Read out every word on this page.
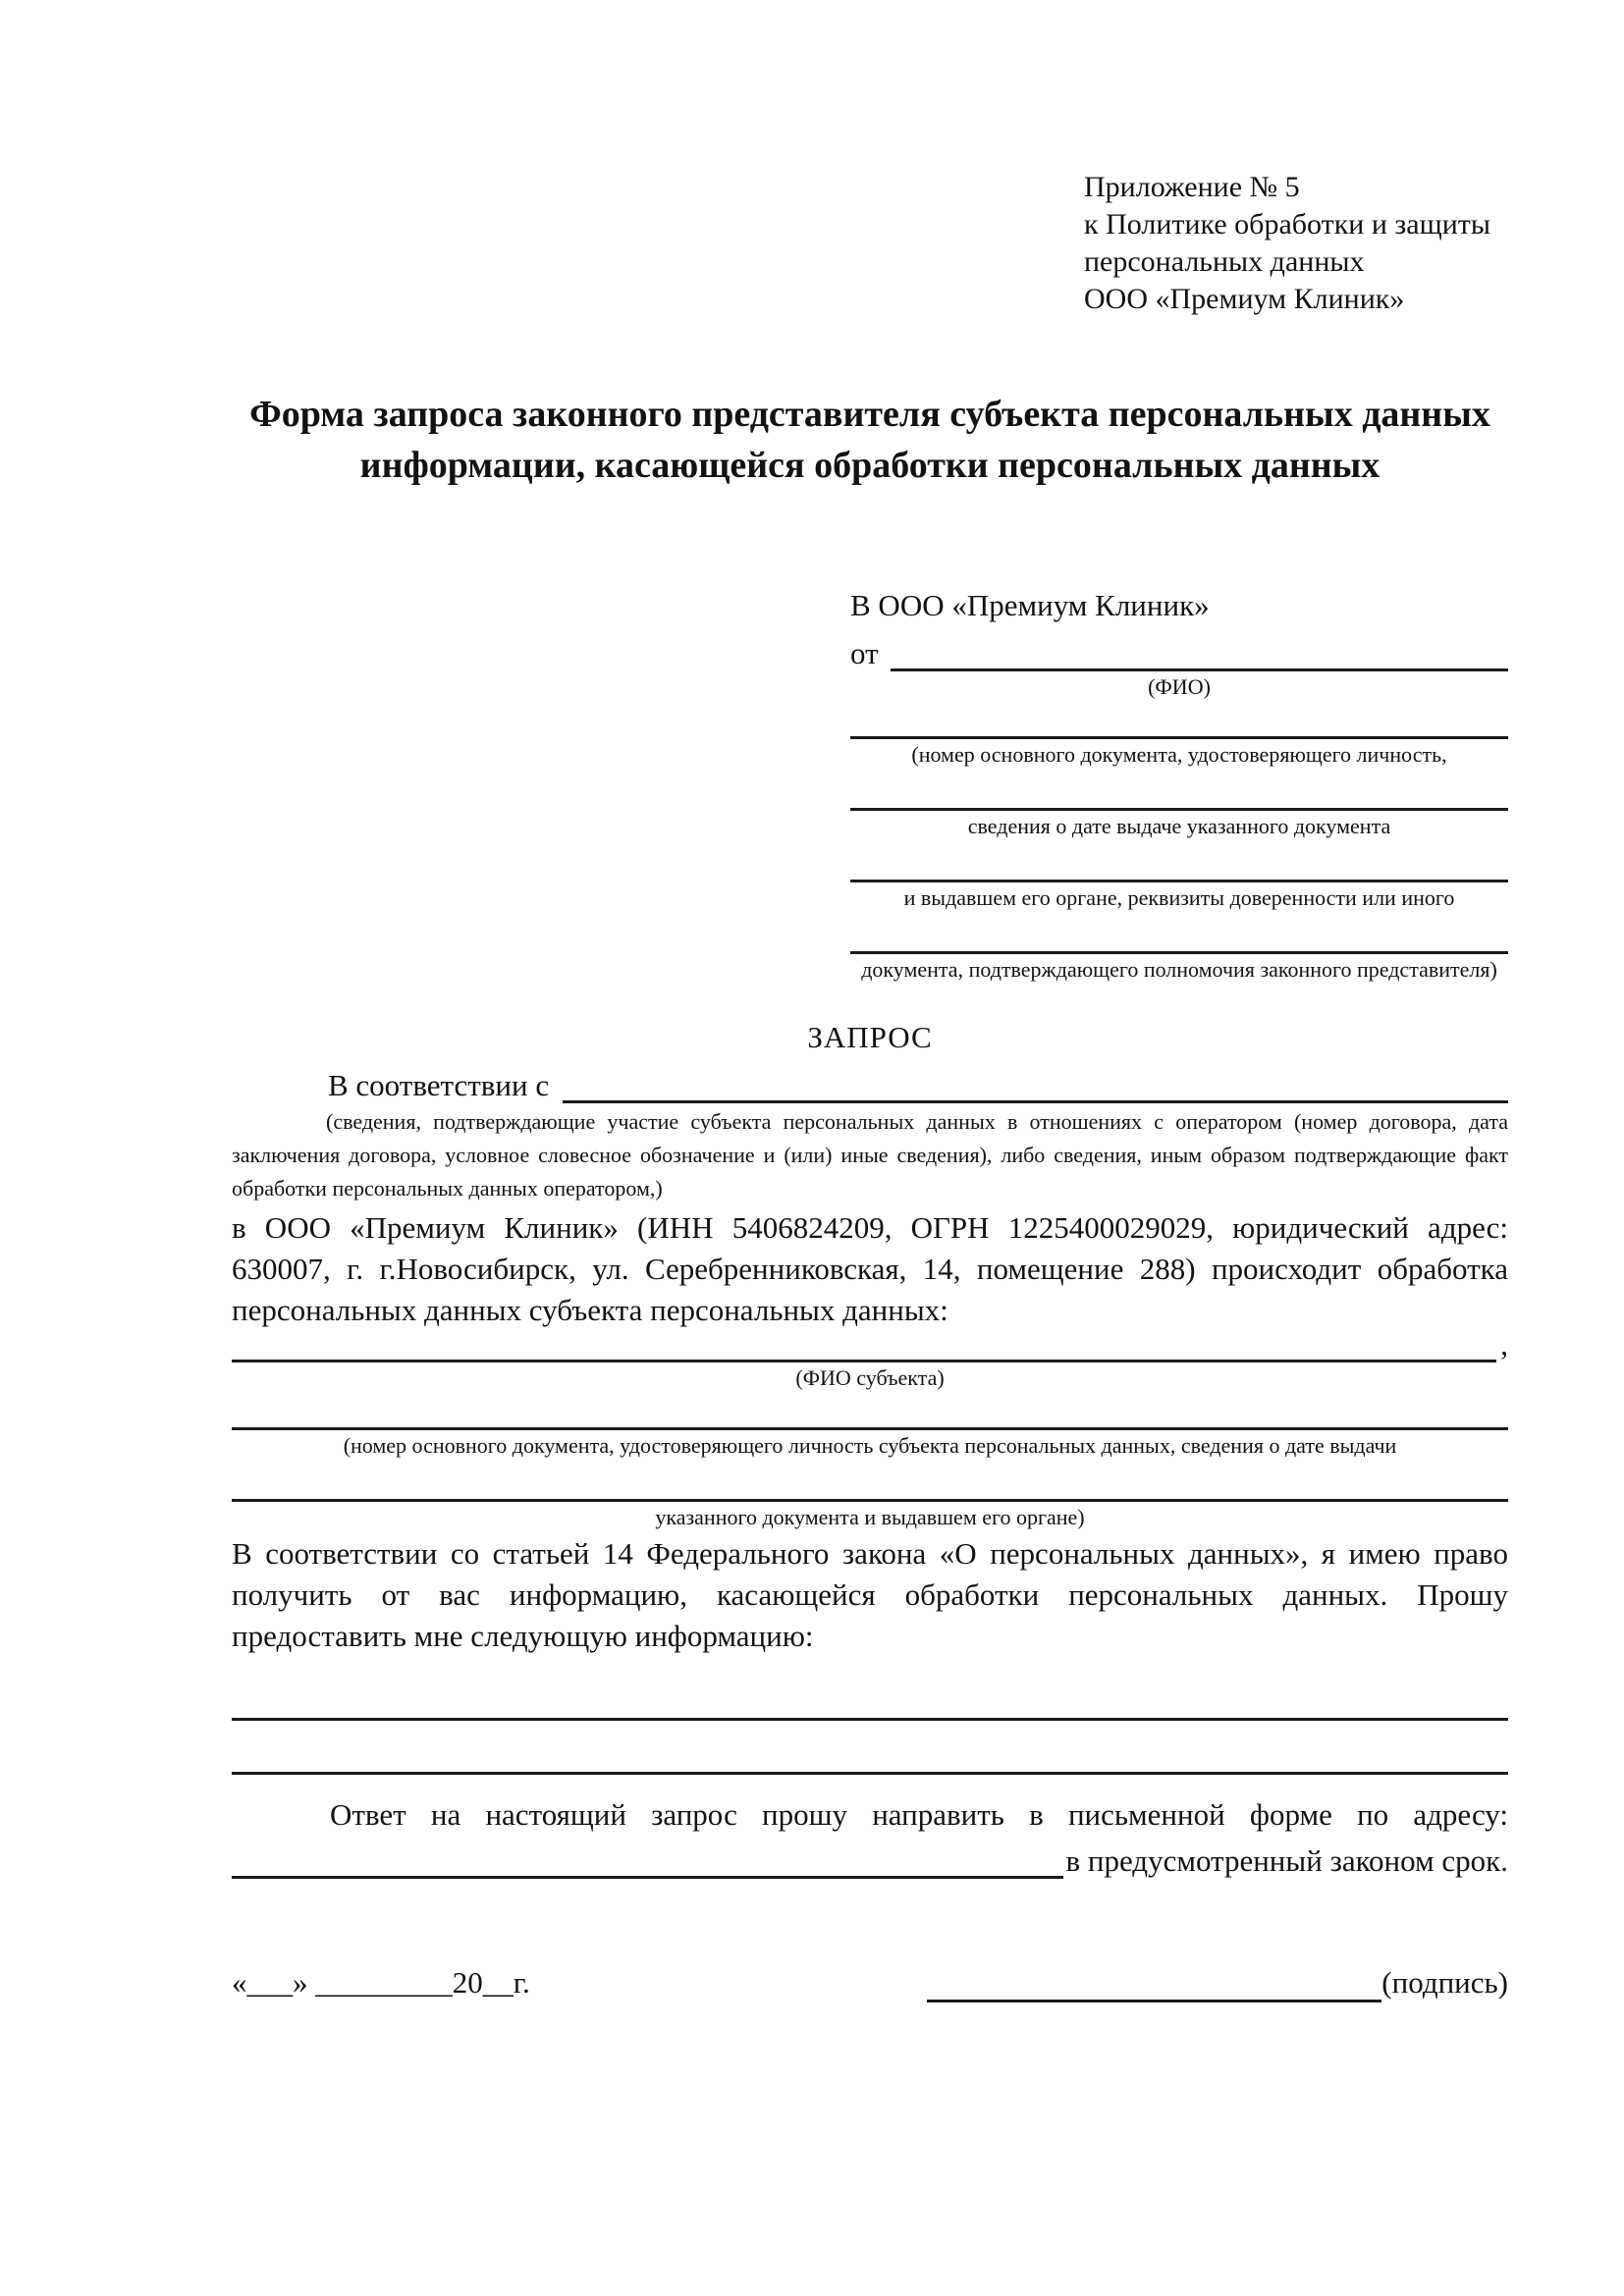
Приложение № 5
к Политике обработки и защиты
персональных данных
ООО «Премиум Клиник»
Форма запроса законного представителя субъекта персональных данных информации, касающейся обработки персональных данных
В ООО «Премиум Клиник»
от
(ФИО)
(номер основного документа, удостоверяющего личность,
сведения о дате выдаче указанного документа
и выдавшем его органе, реквизиты доверенности или иного
документа, подтверждающего полномочия законного представителя)
ЗАПРОС
В соответствии с

(сведения, подтверждающие участие субъекта персональных данных в отношениях с оператором (номер договора, дата заключения договора, условное словесное обозначение и (или) иные сведения), либо сведения, иным образом подтверждающие факт обработки персональных данных оператором,)

в ООО «Премиум Клиник» (ИНН 5406824209, ОГРН 1225400029029, юридический адрес: 630007, г. г.Новосибирск, ул. Серебренниковская, 14, помещение 288) происходит обработка персональных данных субъекта персональных данных:

,
(ФИО субъекта)
(номер основного документа, удостоверяющего личность субъекта персональных данных, сведения о дате выдачи
указанного документа и выдавшем его органе)

В соответствии со статьей 14 Федерального закона «О персональных данных», я имею право получить от вас информацию, касающейся обработки персональных данных. Прошу предоставить мне следующую информацию:

Ответ на настоящий запрос прошу направить в письменной форме по адресу:

в предусмотренный законом срок.
«___» _________20__г.	(подпись)
